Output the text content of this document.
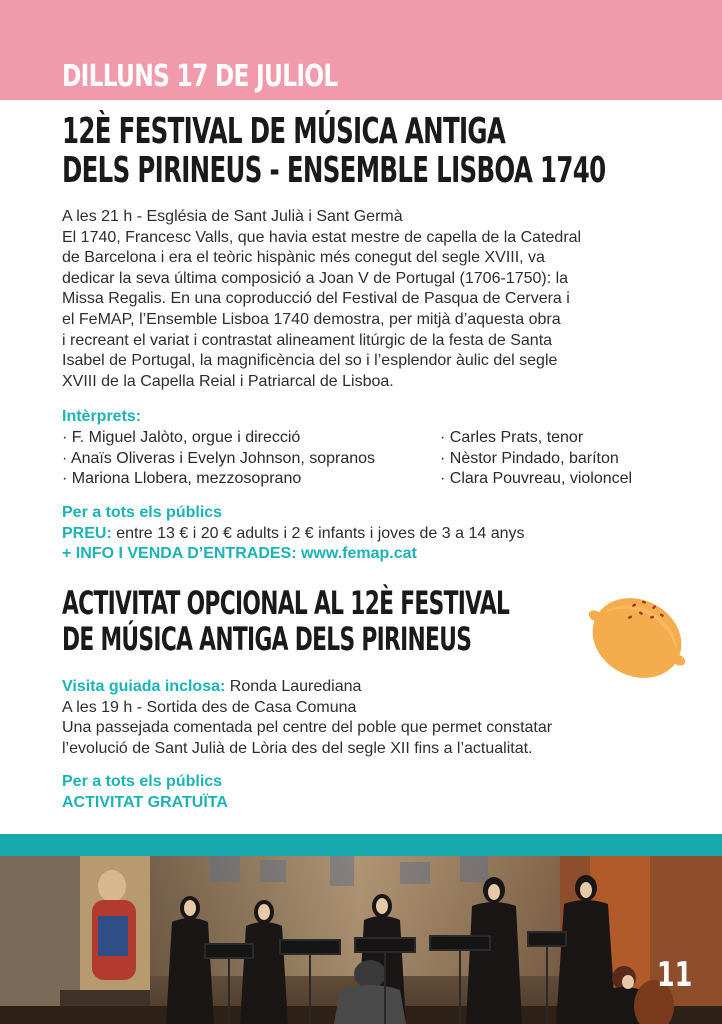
DILLUNS 17 DE JULIOL
12È FESTIVAL DE MÚSICA ANTIGA
DELS PIRINEUS - ENSEMBLE LISBOA 1740
A les 21 h - Església de Sant Julià i Sant Germà
El 1740, Francesc Valls, que havia estat mestre de capella de la Catedral
de Barcelona i era el teòric hispànic més conegut del segle XVIII, va
dedicar la seva última composició a Joan V de Portugal (1706-1750): la
Missa Regalis. En una coproducció del Festival de Pasqua de Cervera i
el FeMAP, l’Ensemble Lisboa 1740 demostra, per mitjà d’aquesta obra
i recreant el variat i contrastat alineament litúrgic de la festa de Santa
Isabel de Portugal, la magnificència del so i l’esplendor àulic del segle
XVIII de la Capella Reial i Patriarcal de Lisboa.
Intèrprets:
· F. Miguel Jalòto, orgue i direcció
· Anaïs Oliveras i Evelyn Johnson, sopranos
· Mariona Llobera, mezzosoprano
· Carles Prats, tenor
· Nèstor Pindado, baríton
· Clara Pouvreau, violoncel
Per a tots els públics
PREU: entre 13 € i 20 € adults i 2 € infants i joves de 3 a 14 anys
+ INFO I VENDA D’ENTRADES: www.femap.cat
ACTIVITAT OPCIONAL AL 12È FESTIVAL
DE MÚSICA ANTIGA DELS PIRINEUS
Visita guiada inclosa: Ronda Laurediana
A les 19 h - Sortida des de Casa Comuna
Una passejada comentada pel centre del poble que permet constatar
l’evolució de Sant Julià de Lòria des del segle XII fins a l’actualitat.
Per a tots els públics
ACTIVITAT GRATUÏTA
11
